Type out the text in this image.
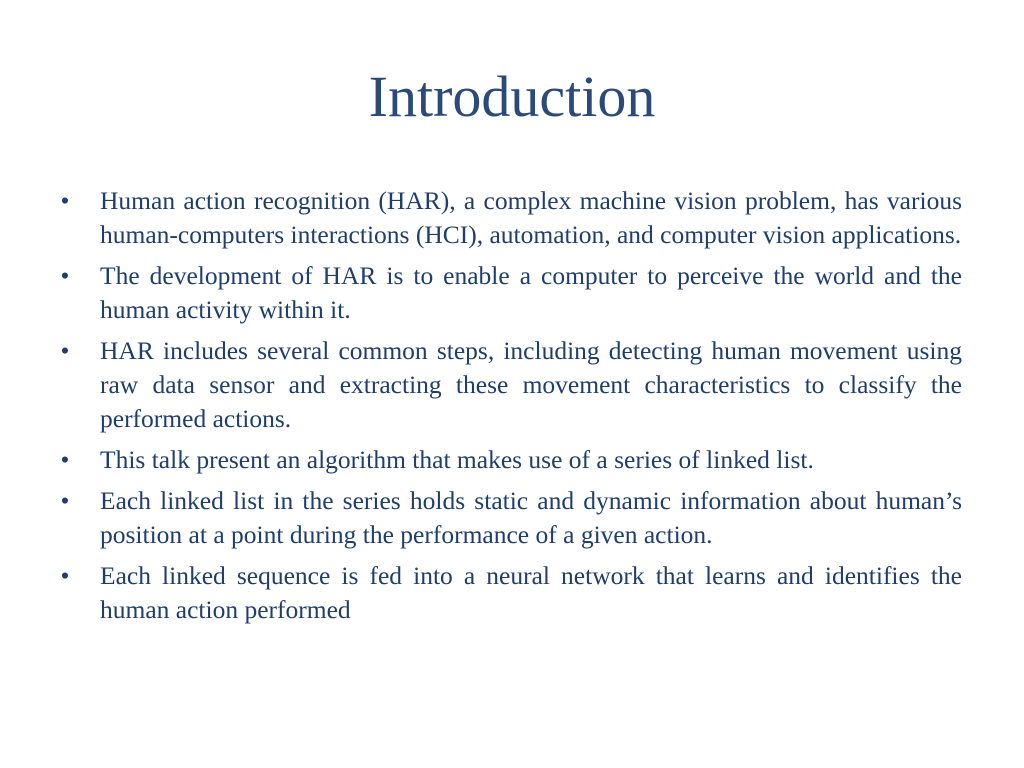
Introduction
• Human action recognition (HAR), a complex machine vision problem, has various human-computers interactions (HCI), automation, and computer vision applications.
• The development of HAR is to enable a computer to perceive the world and the human activity within it.
• HAR includes several common steps, including detecting human movement using raw data sensor and extracting these movement characteristics to classify the performed actions.
• This talk present an algorithm that makes use of a series of linked list.
• Each linked list in the series holds static and dynamic information about human’s position at a point during the performance of a given action.
• Each linked sequence is fed into a neural network that learns and identifies the human action performed
